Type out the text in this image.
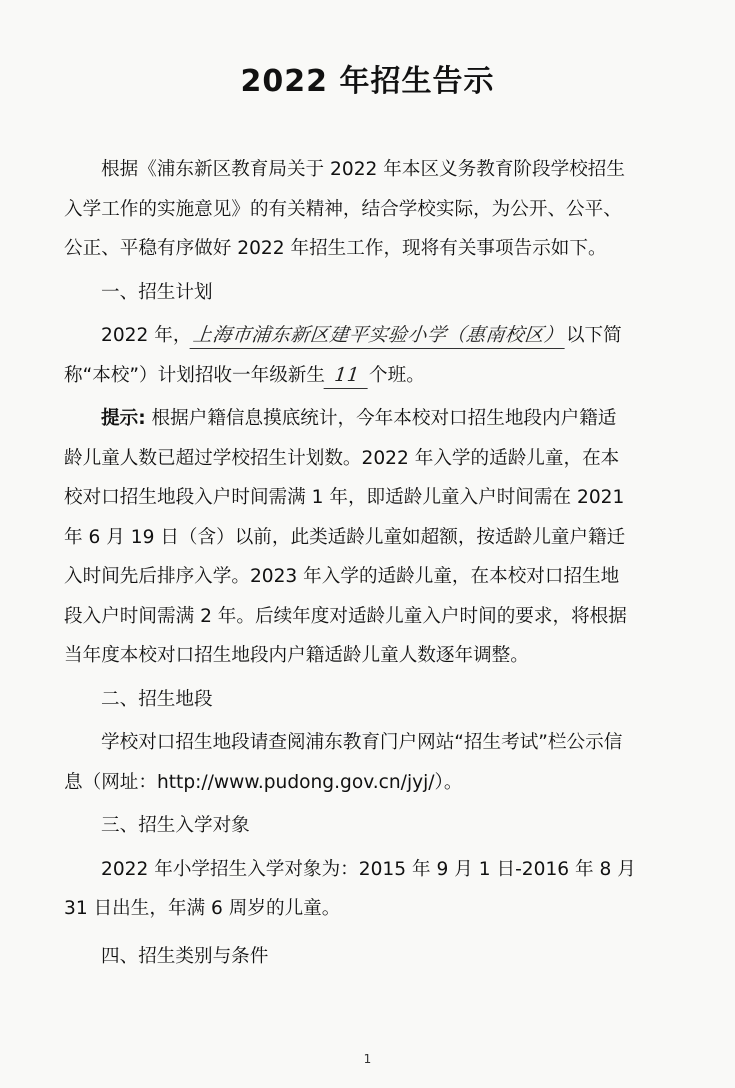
2022 年招生告示
根据《浦东新区教育局关于 2022 年本区义务教育阶段学校招生
入学工作的实施意见》的有关精神，结合学校实际，为公开、公平、
公正、平稳有序做好 2022 年招生工作，现将有关事项告示如下。
一、招生计划
2022 年，上海市浦东新区建平实验小学（惠南校区）以下简
称“本校”）计划招收一年级新生 11 个班。
提示: 根据户籍信息摸底统计，今年本校对口招生地段内户籍适
龄儿童人数已超过学校招生计划数。2022 年入学的适龄儿童，在本
校对口招生地段入户时间需满 1 年，即适龄儿童入户时间需在 2021
年 6 月 19 日（含）以前，此类适龄儿童如超额，按适龄儿童户籍迁
入时间先后排序入学。2023 年入学的适龄儿童，在本校对口招生地
段入户时间需满 2 年。后续年度对适龄儿童入户时间的要求，将根据
当年度本校对口招生地段内户籍适龄儿童人数逐年调整。
二、招生地段
学校对口招生地段请查阅浦东教育门户网站“招生考试”栏公示信
息（网址：http://www.pudong.gov.cn/jyj/）。
三、招生入学对象
2022 年小学招生入学对象为：2015 年 9 月 1 日-2016 年 8 月
31 日出生，年满 6 周岁的儿童。
四、招生类别与条件
1
